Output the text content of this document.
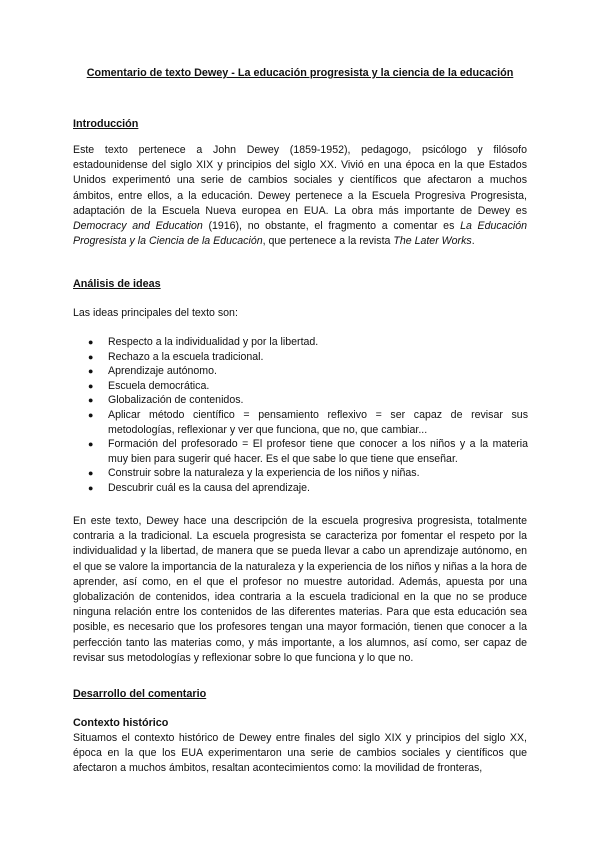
Comentario de texto Dewey - La educación progresista y la ciencia de la educación
Introducción
Este texto pertenece a John Dewey (1859-1952), pedagogo, psicólogo y filósofo estadounidense del siglo XIX y principios del siglo XX. Vivió en una época en la que Estados Unidos experimentó una serie de cambios sociales y científicos que afectaron a muchos ámbitos, entre ellos, a la educación. Dewey pertenece a la Escuela Progresiva Progresista, adaptación de la Escuela Nueva europea en EUA. La obra más importante de Dewey es Democracy and Education (1916), no obstante, el fragmento a comentar es La Educación Progresista y la Ciencia de la Educación, que pertenece a la revista The Later Works.
Análisis de ideas
Las ideas principales del texto son:
● Respecto a la individualidad y por la libertad.
● Rechazo a la escuela tradicional.
● Aprendizaje autónomo.
● Escuela democrática.
● Globalización de contenidos.
● Aplicar método científico = pensamiento reflexivo = ser capaz de revisar sus metodologías, reflexionar y ver que funciona, que no, que cambiar...
● Formación del profesorado = El profesor tiene que conocer a los niños y a la materia muy bien para sugerir qué hacer. Es el que sabe lo que tiene que enseñar.
● Construir sobre la naturaleza y la experiencia de los niños y niñas.
● Descubrir cuál es la causa del aprendizaje.
En este texto, Dewey hace una descripción de la escuela progresiva progresista, totalmente contraria a la tradicional. La escuela progresista se caracteriza por fomentar el respeto por la individualidad y la libertad, de manera que se pueda llevar a cabo un aprendizaje autónomo, en el que se valore la importancia de la naturaleza y la experiencia de los niños y niñas a la hora de aprender, así como, en el que el profesor no muestre autoridad. Además, apuesta por una globalización de contenidos, idea contraria a la escuela tradicional en la que no se produce ninguna relación entre los contenidos de las diferentes materias. Para que esta educación sea posible, es necesario que los profesores tengan una mayor formación, tienen que conocer a la perfección tanto las materias como, y más importante, a los alumnos, así como, ser capaz de revisar sus metodologías y reflexionar sobre lo que funciona y lo que no.
Desarrollo del comentario
Contexto histórico
Situamos el contexto histórico de Dewey entre finales del siglo XIX y principios del siglo XX, época en la que los EUA experimentaron una serie de cambios sociales y científicos que afectaron a muchos ámbitos, resaltan acontecimientos como: la movilidad de fronteras,
